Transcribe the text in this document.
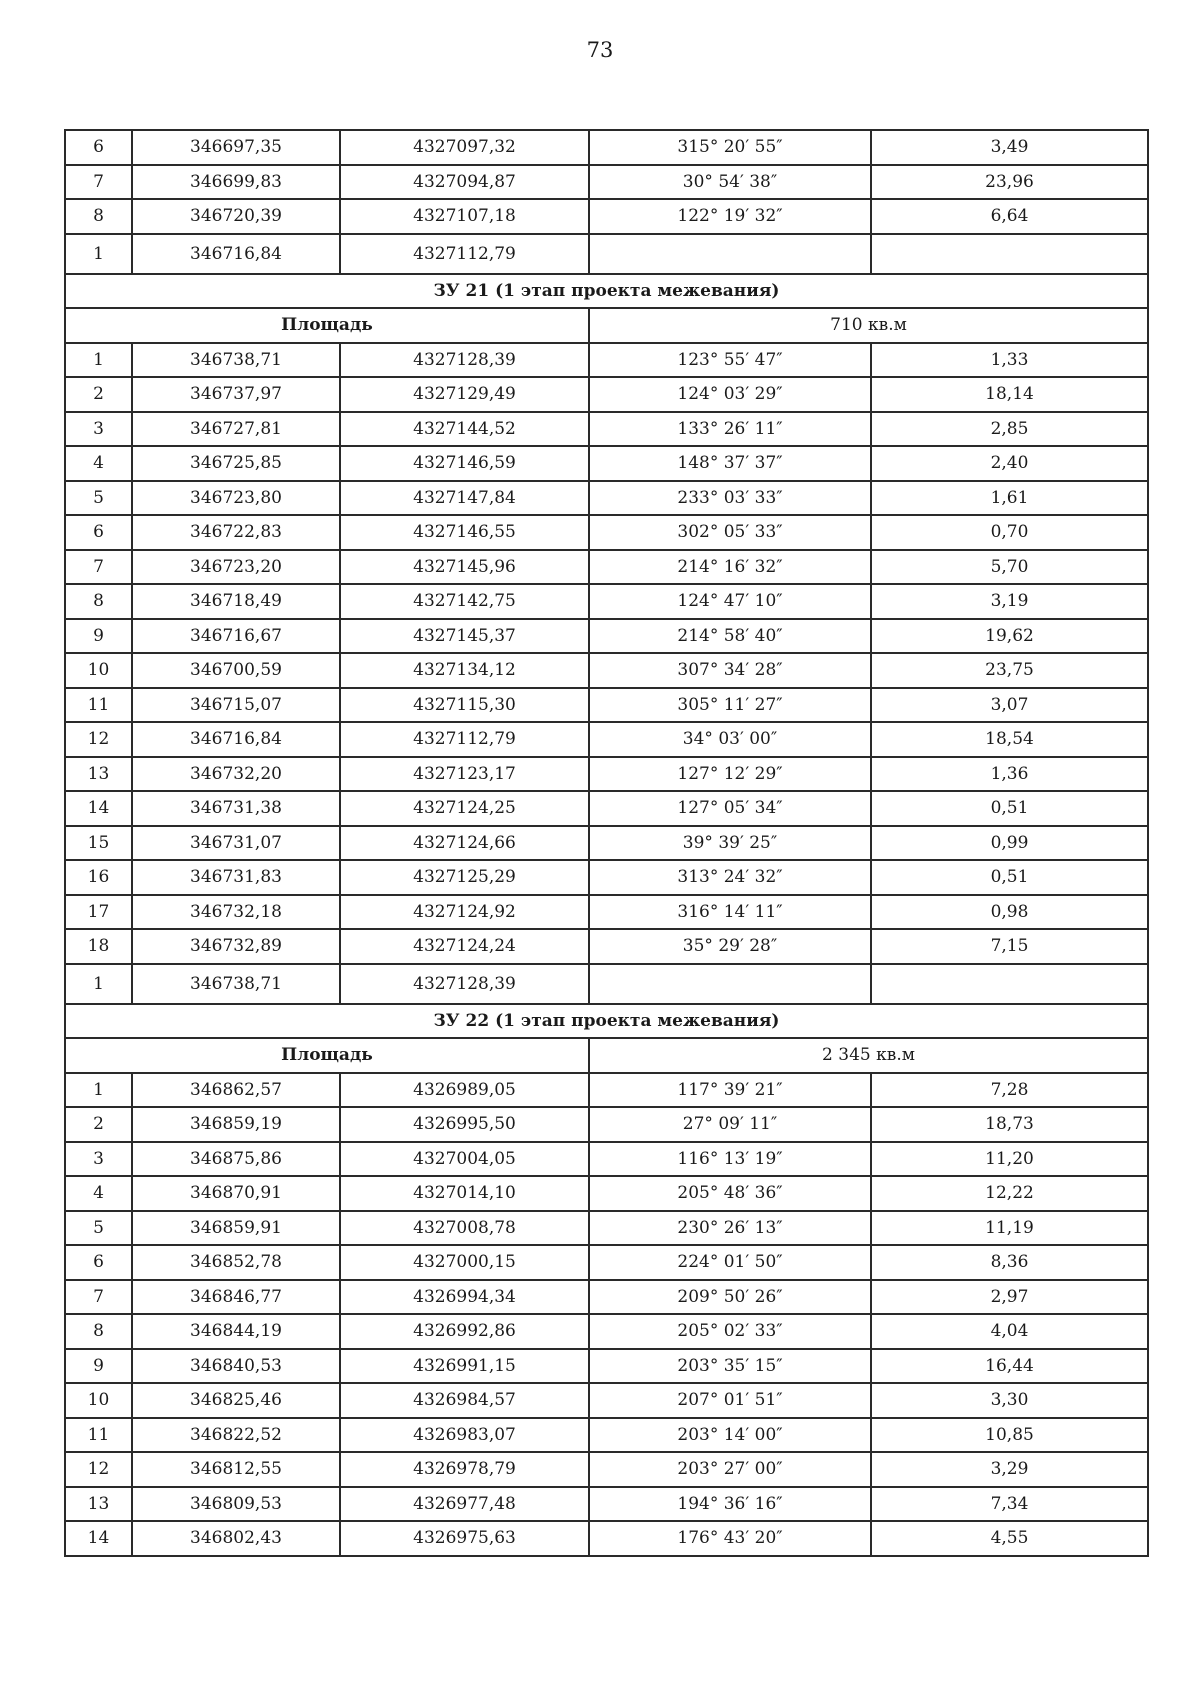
73
6	346697,35	4327097,32	315° 20′ 55″	3,49
7	346699,83	4327094,87	30° 54′ 38″	23,96
8	346720,39	4327107,18	122° 19′ 32″	6,64
1	346716,84	4327112,79		
ЗУ 21 (1 этап проекта межевания)				
Площадь			710 кв.м	
1	346738,71	4327128,39	123° 55′ 47″	1,33
2	346737,97	4327129,49	124° 03′ 29″	18,14
3	346727,81	4327144,52	133° 26′ 11″	2,85
4	346725,85	4327146,59	148° 37′ 37″	2,40
5	346723,80	4327147,84	233° 03′ 33″	1,61
6	346722,83	4327146,55	302° 05′ 33″	0,70
7	346723,20	4327145,96	214° 16′ 32″	5,70
8	346718,49	4327142,75	124° 47′ 10″	3,19
9	346716,67	4327145,37	214° 58′ 40″	19,62
10	346700,59	4327134,12	307° 34′ 28″	23,75
11	346715,07	4327115,30	305° 11′ 27″	3,07
12	346716,84	4327112,79	34° 03′ 00″	18,54
13	346732,20	4327123,17	127° 12′ 29″	1,36
14	346731,38	4327124,25	127° 05′ 34″	0,51
15	346731,07	4327124,66	39° 39′ 25″	0,99
16	346731,83	4327125,29	313° 24′ 32″	0,51
17	346732,18	4327124,92	316° 14′ 11″	0,98
18	346732,89	4327124,24	35° 29′ 28″	7,15
1	346738,71	4327128,39		
ЗУ 22 (1 этап проекта межевания)				
Площадь			2 345 кв.м	
1	346862,57	4326989,05	117° 39′ 21″	7,28
2	346859,19	4326995,50	27° 09′ 11″	18,73
3	346875,86	4327004,05	116° 13′ 19″	11,20
4	346870,91	4327014,10	205° 48′ 36″	12,22
5	346859,91	4327008,78	230° 26′ 13″	11,19
6	346852,78	4327000,15	224° 01′ 50″	8,36
7	346846,77	4326994,34	209° 50′ 26″	2,97
8	346844,19	4326992,86	205° 02′ 33″	4,04
9	346840,53	4326991,15	203° 35′ 15″	16,44
10	346825,46	4326984,57	207° 01′ 51″	3,30
11	346822,52	4326983,07	203° 14′ 00″	10,85
12	346812,55	4326978,79	203° 27′ 00″	3,29
13	346809,53	4326977,48	194° 36′ 16″	7,34
14	346802,43	4326975,63	176° 43′ 20″	4,55
